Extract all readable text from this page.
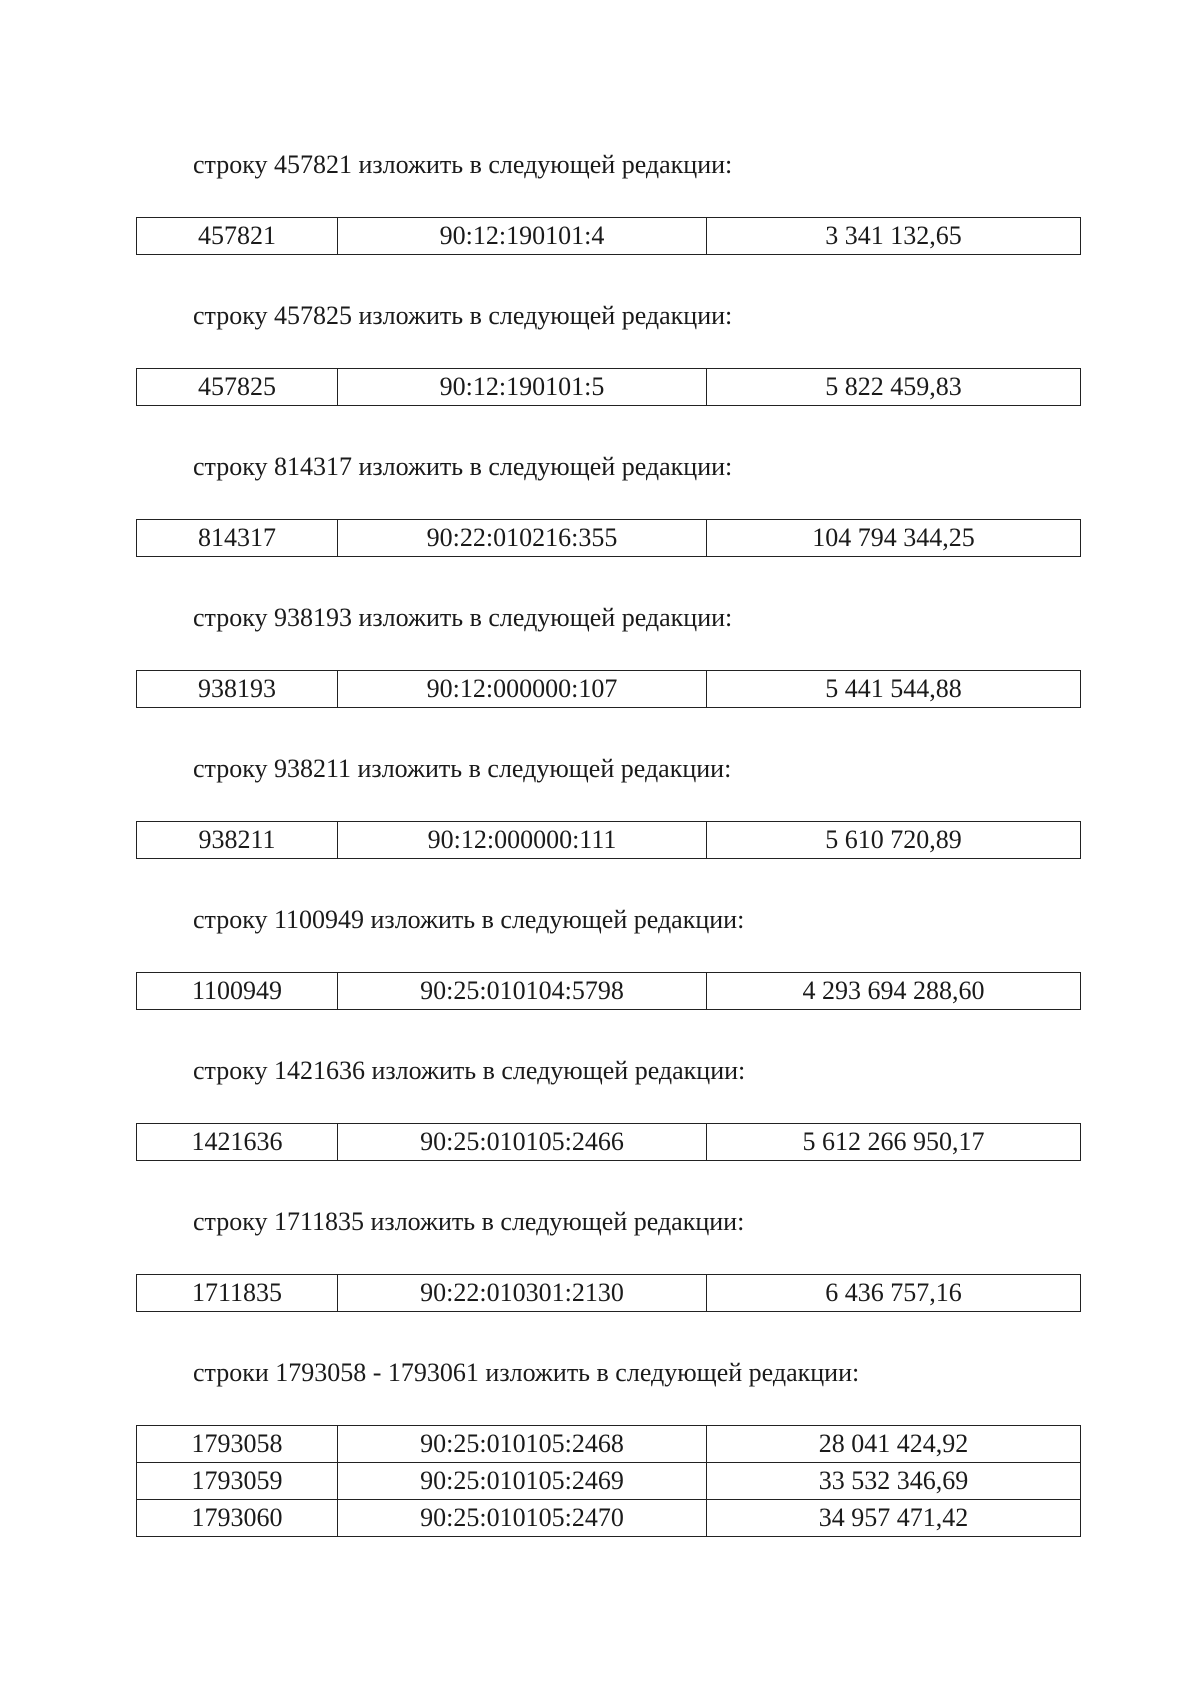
строку 457821 изложить в следующей редакции:
457821	90:12:190101:4	3 341 132,65
строку 457825 изложить в следующей редакции:
457825	90:12:190101:5	5 822 459,83
строку 814317 изложить в следующей редакции:
814317	90:22:010216:355	104 794 344,25
строку 938193 изложить в следующей редакции:
938193	90:12:000000:107	5 441 544,88
строку 938211 изложить в следующей редакции:
938211	90:12:000000:111	5 610 720,89
строку 1100949 изложить в следующей редакции:
1100949	90:25:010104:5798	4 293 694 288,60
строку 1421636 изложить в следующей редакции:
1421636	90:25:010105:2466	5 612 266 950,17
строку 1711835 изложить в следующей редакции:
1711835	90:22:010301:2130	6 436 757,16
строки 1793058 - 1793061 изложить в следующей редакции:
1793058	90:25:010105:2468	28 041 424,92
1793059	90:25:010105:2469	33 532 346,69
1793060	90:25:010105:2470	34 957 471,42
